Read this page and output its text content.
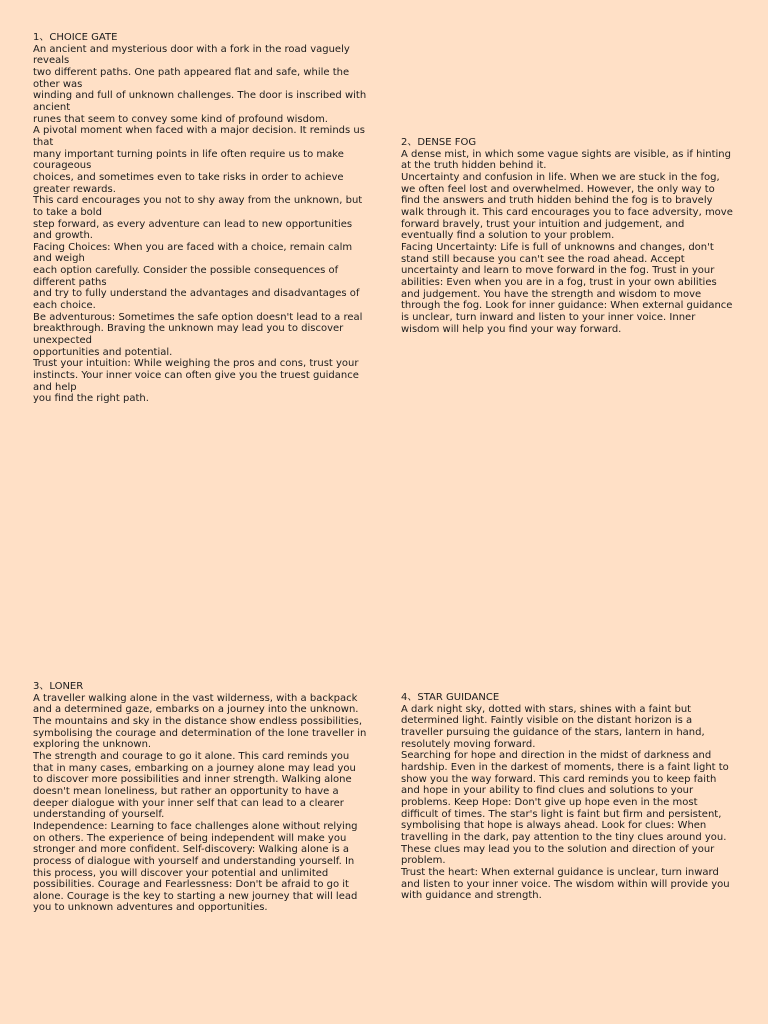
1、CHOICE GATE
An ancient and mysterious door with a fork in the road vaguely
reveals
two different paths. One path appeared flat and safe, while the
other was
winding and full of unknown challenges. The door is inscribed with
ancient
runes that seem to convey some kind of profound wisdom.
A pivotal moment when faced with a major decision. It reminds us
that
many important turning points in life often require us to make
courageous
choices, and sometimes even to take risks in order to achieve
greater rewards.
This card encourages you not to shy away from the unknown, but
to take a bold
step forward, as every adventure can lead to new opportunities
and growth.
Facing Choices: When you are faced with a choice, remain calm
and weigh
each option carefully. Consider the possible consequences of
different paths
and try to fully understand the advantages and disadvantages of
each choice.
Be adventurous: Sometimes the safe option doesn't lead to a real
breakthrough. Braving the unknown may lead you to discover
unexpected
opportunities and potential.
Trust your intuition: While weighing the pros and cons, trust your
instincts. Your inner voice can often give you the truest guidance
and help
you find the right path.
2、DENSE FOG
A dense mist, in which some vague sights are visible, as if hinting
at the truth hidden behind it.
Uncertainty and confusion in life. When we are stuck in the fog,
we often feel lost and overwhelmed. However, the only way to
find the answers and truth hidden behind the fog is to bravely
walk through it. This card encourages you to face adversity, move
forward bravely, trust your intuition and judgement, and
eventually find a solution to your problem.
Facing Uncertainty: Life is full of unknowns and changes, don't
stand still because you can't see the road ahead. Accept
uncertainty and learn to move forward in the fog. Trust in your
abilities: Even when you are in a fog, trust in your own abilities
and judgement. You have the strength and wisdom to move
through the fog. Look for inner guidance: When external guidance
is unclear, turn inward and listen to your inner voice. Inner
wisdom will help you find your way forward.
3、LONER
A traveller walking alone in the vast wilderness, with a backpack
and a determined gaze, embarks on a journey into the unknown.
The mountains and sky in the distance show endless possibilities,
symbolising the courage and determination of the lone traveller in
exploring the unknown.
The strength and courage to go it alone. This card reminds you
that in many cases, embarking on a journey alone may lead you
to discover more possibilities and inner strength. Walking alone
doesn't mean loneliness, but rather an opportunity to have a
deeper dialogue with your inner self that can lead to a clearer
understanding of yourself.
Independence: Learning to face challenges alone without relying
on others. The experience of being independent will make you
stronger and more confident. Self-discovery: Walking alone is a
process of dialogue with yourself and understanding yourself. In
this process, you will discover your potential and unlimited
possibilities. Courage and Fearlessness: Don't be afraid to go it
alone. Courage is the key to starting a new journey that will lead
you to unknown adventures and opportunities.
4、STAR GUIDANCE
A dark night sky, dotted with stars, shines with a faint but
determined light. Faintly visible on the distant horizon is a
traveller pursuing the guidance of the stars, lantern in hand,
resolutely moving forward.
Searching for hope and direction in the midst of darkness and
hardship. Even in the darkest of moments, there is a faint light to
show you the way forward. This card reminds you to keep faith
and hope in your ability to find clues and solutions to your
problems. Keep Hope: Don't give up hope even in the most
difficult of times. The star's light is faint but firm and persistent,
symbolising that hope is always ahead. Look for clues: When
travelling in the dark, pay attention to the tiny clues around you.
These clues may lead you to the solution and direction of your
problem.
Trust the heart: When external guidance is unclear, turn inward
and listen to your inner voice. The wisdom within will provide you
with guidance and strength.
